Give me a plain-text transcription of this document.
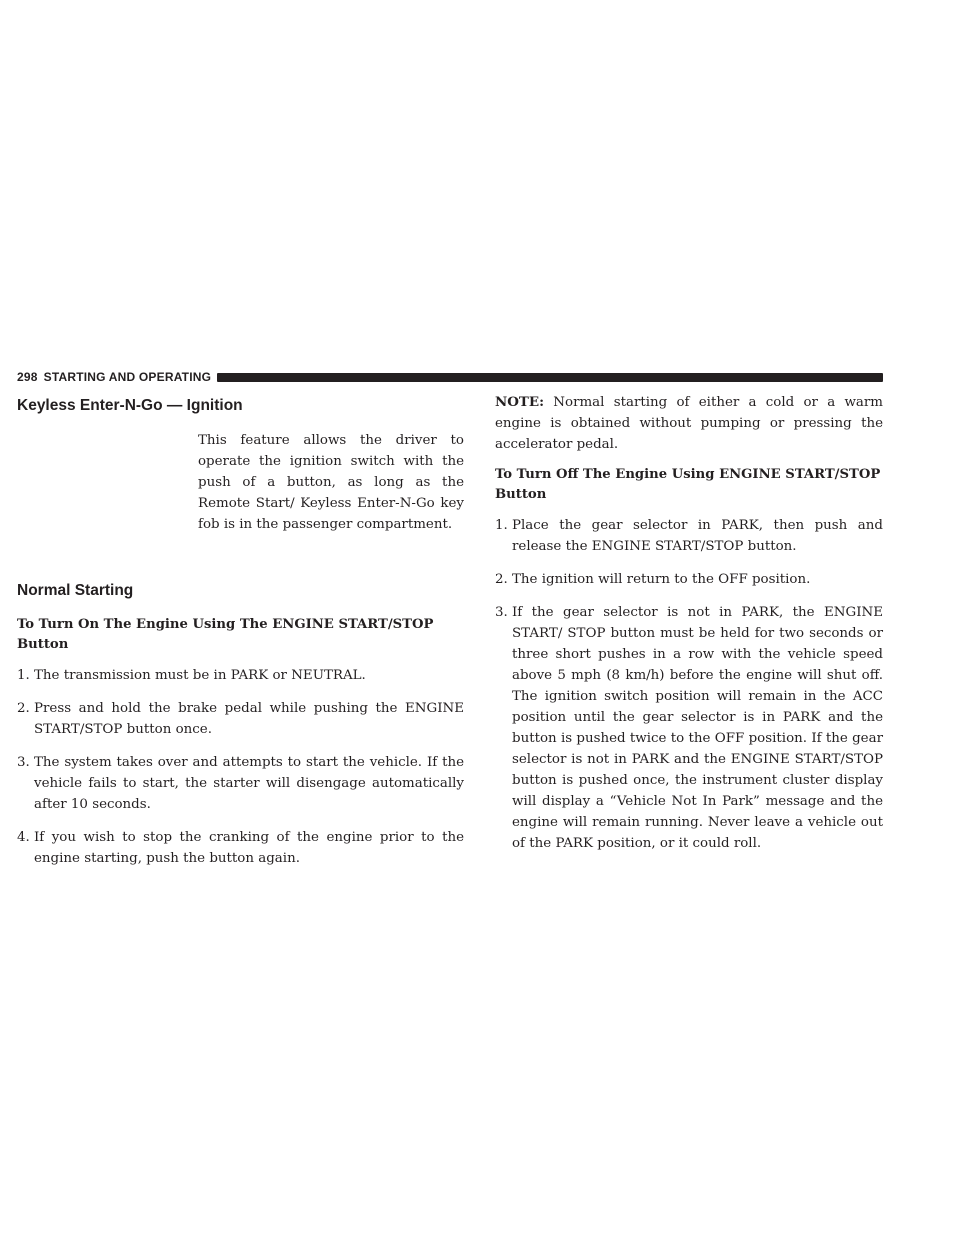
298 STARTING AND OPERATING
Keyless Enter-N-Go — Ignition

This feature allows the driver to operate the ignition switch with the push of a button, as long as the Remote Start/ Keyless Enter-N-Go key fob is in the passenger compartment.

Normal Starting
To Turn On The Engine Using The ENGINE START/STOP Button
1. The transmission must be in PARK or NEUTRAL.
2. Press and hold the brake pedal while pushing the ENGINE START/STOP button once.
3. The system takes over and attempts to start the vehicle. If the vehicle fails to start, the starter will disengage automatically after 10 seconds.
4. If you wish to stop the cranking of the engine prior to the engine starting, push the button again.

NOTE: Normal starting of either a cold or a warm engine is obtained without pumping or pressing the accelerator pedal.

To Turn Off The Engine Using ENGINE START/STOP Button
1. Place the gear selector in PARK, then push and release the ENGINE START/STOP button.
2. The ignition will return to the OFF position.
3. If the gear selector is not in PARK, the ENGINE START/ STOP button must be held for two seconds or three short pushes in a row with the vehicle speed above 5 mph (8 km/h) before the engine will shut off. The ignition switch position will remain in the ACC position until the gear selector is in PARK and the button is pushed twice to the OFF position. If the gear selector is not in PARK and the ENGINE START/STOP button is pushed once, the instrument cluster display will display a “Vehicle Not In Park” message and the engine will remain running. Never leave a vehicle out of the PARK position, or it could roll.
